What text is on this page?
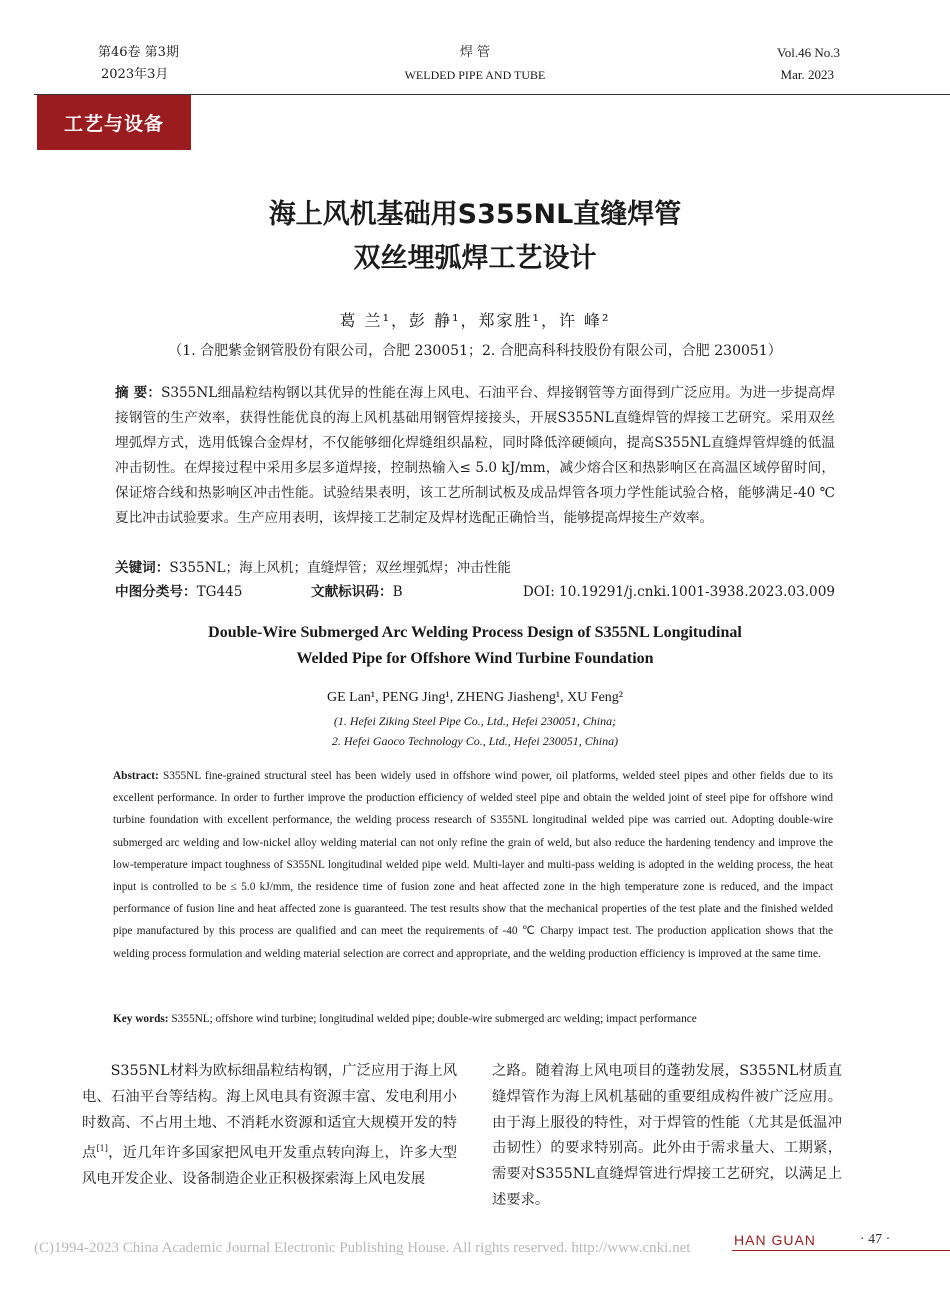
第46卷 第3期
2023年3月
焊 管
WELDED PIPE AND TUBE
Vol.46 No.3
Mar. 2023
工艺与设备
海上风机基础用S355NL直缝焊管
双丝埋弧焊工艺设计
葛 兰¹，彭 静¹，郑家胜¹，许 峰²
（1. 合肥紫金钢管股份有限公司，合肥 230051；2. 合肥高科科技股份有限公司，合肥 230051）
摘 要：S355NL细晶粒结构钢以其优异的性能在海上风电、石油平台、焊接钢管等方面得到广泛应用。为进一步提高焊接钢管的生产效率，获得性能优良的海上风机基础用钢管焊接接头，开展S355NL直缝焊管的焊接工艺研究。采用双丝埋弧焊方式，选用低镍合金焊材，不仅能够细化焊缝组织晶粒，同时降低淬硬倾向，提高S355NL直缝焊管焊缝的低温冲击韧性。在焊接过程中采用多层多道焊接，控制热输入≤ 5.0 kJ/mm，减少熔合区和热影响区在高温区域停留时间，保证熔合线和热影响区冲击性能。试验结果表明，该工艺所制试板及成品焊管各项力学性能试验合格，能够满足-40 ℃夏比冲击试验要求。生产应用表明，该焊接工艺制定及焊材选配正确恰当，能够提高焊接生产效率。
关键词：S355NL；海上风机；直缝焊管；双丝埋弧焊；冲击性能
中图分类号：TG445	文献标识码：B	DOI: 10.19291/j.cnki.1001-3938.2023.03.009
Double-Wire Submerged Arc Welding Process Design of S355NL Longitudinal
Welded Pipe for Offshore Wind Turbine Foundation
GE Lan¹, PENG Jing¹, ZHENG Jiasheng¹, XU Feng²
(1. Hefei Ziking Steel Pipe Co., Ltd., Hefei 230051, China;
2. Hefei Gaoco Technology Co., Ltd., Hefei 230051, China)
Abstract: S355NL fine-grained structural steel has been widely used in offshore wind power, oil platforms, welded steel pipes and other fields due to its excellent performance. In order to further improve the production efficiency of welded steel pipe and obtain the welded joint of steel pipe for offshore wind turbine foundation with excellent performance, the welding process research of S355NL longitudinal welded pipe was carried out. Adopting double-wire submerged arc welding and low-nickel alloy welding material can not only refine the grain of weld, but also reduce the hardening tendency and improve the low-temperature impact toughness of S355NL longitudinal welded pipe weld. Multi-layer and multi-pass welding is adopted in the welding process, the heat input is controlled to be ≤ 5.0 kJ/mm, the residence time of fusion zone and heat affected zone in the high temperature zone is reduced, and the impact performance of fusion line and heat affected zone is guaranteed. The test results show that the mechanical properties of the test plate and the finished welded pipe manufactured by this process are qualified and can meet the requirements of -40 ℃ Charpy impact test. The production application shows that the welding process formulation and welding material selection are correct and appropriate, and the welding production efficiency is improved at the same time.
Key words: S355NL; offshore wind turbine; longitudinal welded pipe; double-wire submerged arc welding; impact performance
S355NL材料为欧标细晶粒结构钢，广泛应用于海上风电、石油平台等结构。海上风电具有资源丰富、发电利用小时数高、不占用土地、不消耗水资源和适宜大规模开发的特点[1]，近几年许多国家把风电开发重点转向海上，许多大型风电开发企业、设备制造企业正积极探索海上风电发展
之路。随着海上风电项目的蓬勃发展，S355NL材质直缝焊管作为海上风机基础的重要组成构件被广泛应用。由于海上服役的特性，对于焊管的性能（尤其是低温冲击韧性）的要求特别高。此外由于需求量大、工期紧，需要对S355NL直缝焊管进行焊接工艺研究，以满足上述要求。
(C)1994-2023 China Academic Journal Electronic Publishing House. All rights reserved. http://www.cnki.net	HAN GUAN	· 47 ·
